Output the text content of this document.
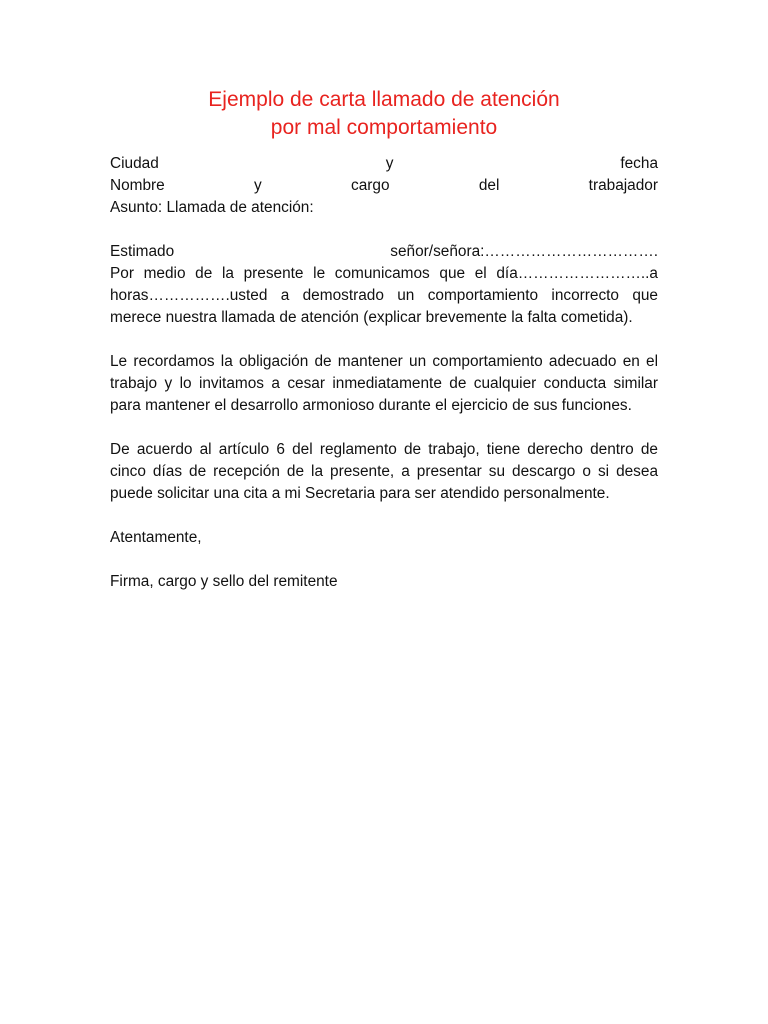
Ejemplo de carta llamado de atención
por mal comportamiento
Ciudad y fecha
Nombre y cargo del trabajador
Asunto: Llamada de atención:
Estimado señor/señora:…………………………….

Por medio de la presente le comunicamos que el día……………………..a horas…………….usted a demostrado un comportamiento incorrecto que merece nuestra llamada de atención (explicar brevemente la falta cometida).

Le recordamos la obligación de mantener un comportamiento adecuado en el trabajo y lo invitamos a cesar inmediatamente de cualquier conducta similar para mantener el desarrollo armonioso durante el ejercicio de sus funciones.

De acuerdo al artículo 6 del reglamento de trabajo, tiene derecho dentro de cinco días de recepción de la presente, a presentar su descargo o si desea puede solicitar una cita a mi Secretaria para ser atendido personalmente.

Atentamente,
Firma, cargo y sello del remitente
